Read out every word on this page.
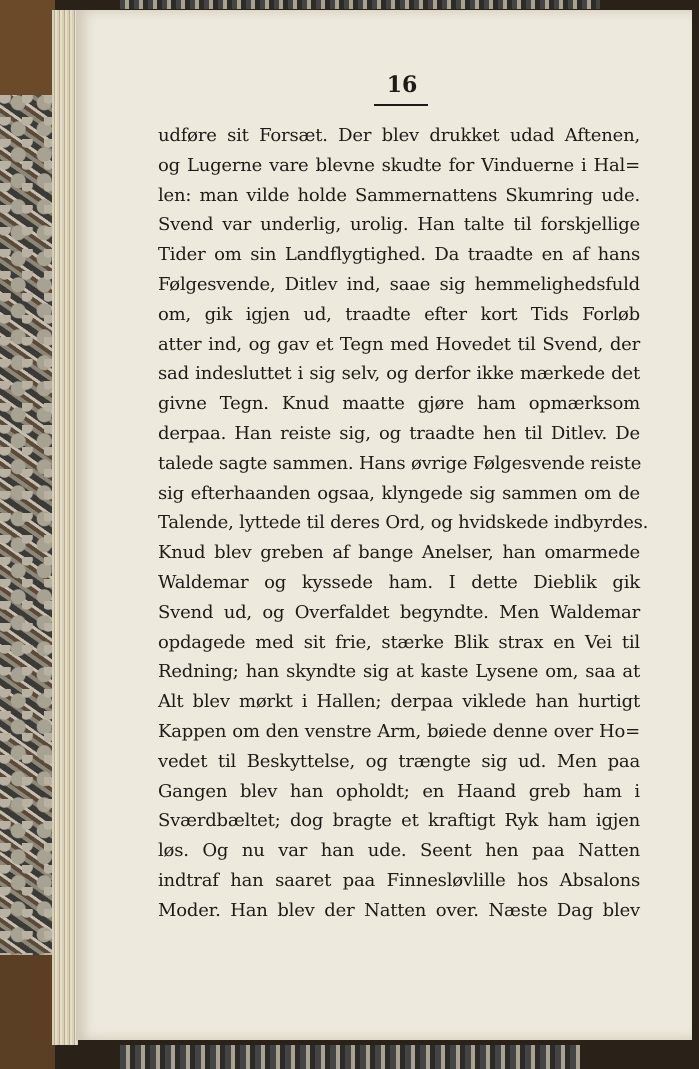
16
udføre sit Forsæt. Der blev drukket udad Aftenen,
og Lugerne vare blevne skudte for Vinduerne i Hal=
len: man vilde holde Sammernattens Skumring ude.
Svend var underlig, urolig. Han talte til forskjellige
Tider om sin Landflygtighed. Da traadte en af hans
Følgesvende, Ditlev ind, saae sig hemmelighedsfuld
om, gik igjen ud, traadte efter kort Tids Forløb
atter ind, og gav et Tegn med Hovedet til Svend, der
sad indesluttet i sig selv, og derfor ikke mærkede det
givne Tegn. Knud maatte gjøre ham opmærksom
derpaa. Han reiste sig, og traadte hen til Ditlev. De
talede sagte sammen. Hans øvrige Følgesvende reiste
sig efterhaanden ogsaa, klyngede sig sammen om de
Talende, lyttede til deres Ord, og hvidskede indbyrdes.
Knud blev greben af bange Anelser, han omarmede
Waldemar og kyssede ham. I dette Dieblik gik
Svend ud, og Overfaldet begyndte. Men Waldemar
opdagede med sit frie, stærke Blik strax en Vei til
Redning; han skyndte sig at kaste Lysene om, saa at
Alt blev mørkt i Hallen; derpaa viklede han hurtigt
Kappen om den venstre Arm, bøiede denne over Ho=
vedet til Beskyttelse, og trængte sig ud. Men paa
Gangen blev han opholdt; en Haand greb ham i
Sværdbæltet; dog bragte et kraftigt Ryk ham igjen
løs. Og nu var han ude. Seent hen paa Natten
indtraf han saaret paa Finnesløvlille hos Absalons
Moder. Han blev der Natten over. Næste Dag blev
